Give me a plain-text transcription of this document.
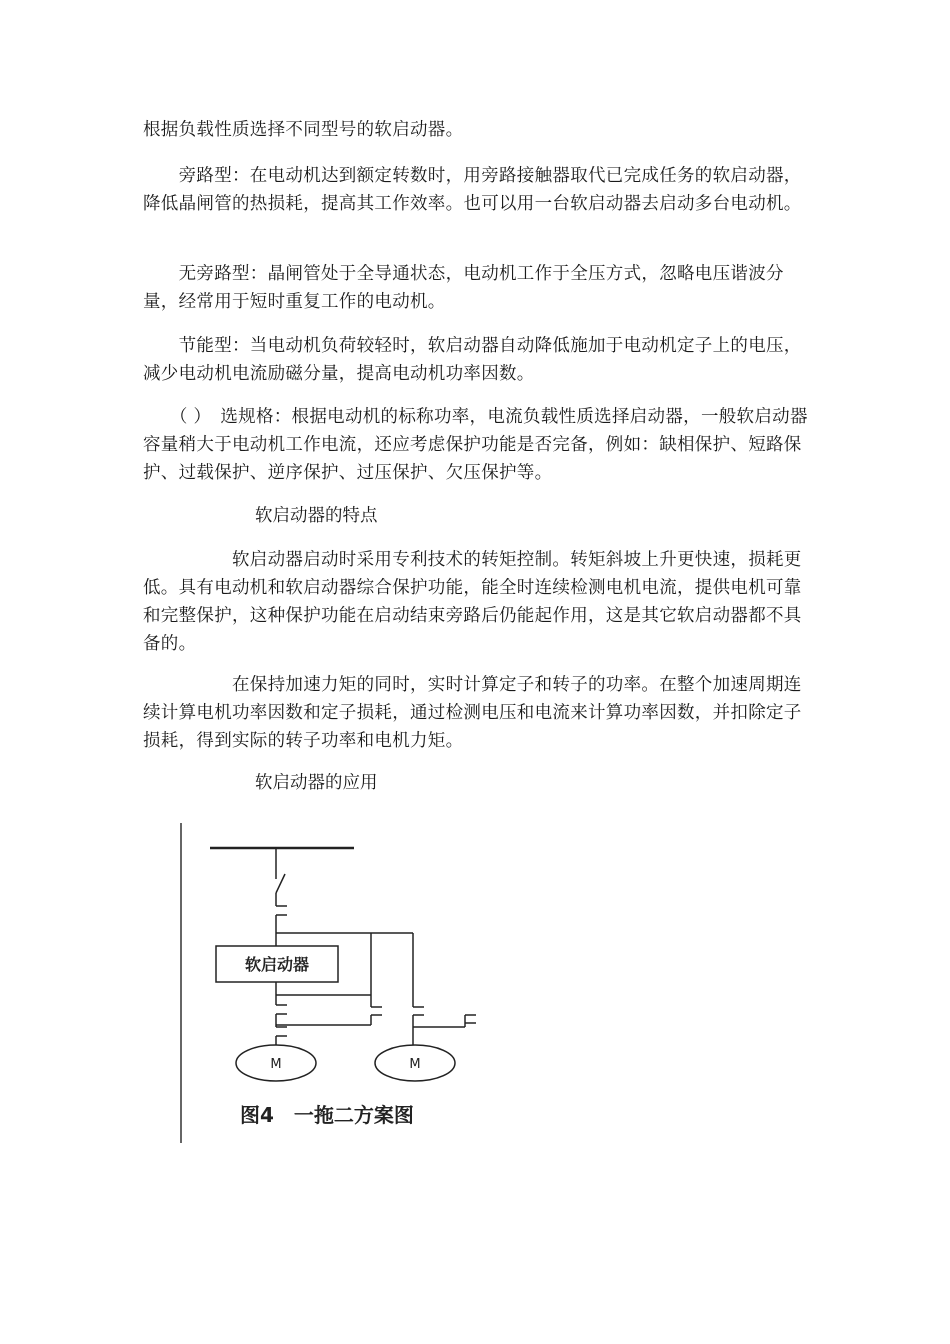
根据负载性质选择不同型号的软启动器。

　　旁路型：在电动机达到额定转数时，用旁路接触器取代已完成任务的软启动器，降低晶闸管的热损耗，提高其工作效率。也可以用一台软启动器去启动多台电动机。

　　无旁路型：晶闸管处于全导通状态，电动机工作于全压方式，忽略电压谐波分量，经常用于短时重复工作的电动机。

　　节能型：当电动机负荷较轻时，软启动器自动降低施加于电动机定子上的电压，减少电动机电流励磁分量，提高电动机功率因数。

　　（ ）　选规格：根据电动机的标称功率，电流负载性质选择启动器，一般软启动器容量稍大于电动机工作电流，还应考虑保护功能是否完备，例如：缺相保护、短路保护、过载保护、逆序保护、过压保护、欠压保护等。

软启动器的特点

　　　　　软启动器启动时采用专利技术的转矩控制。转矩斜坡上升更快速，损耗更低。具有电动机和软启动器综合保护功能，能全时连续检测电机电流，提供电机可靠和完整保护，这种保护功能在启动结束旁路后仍能起作用，这是其它软启动器都不具备的。

　　　　　在保持加速力矩的同时，实时计算定子和转子的功率。在整个加速周期连续计算电机功率因数和定子损耗，通过检测电压和电流来计算功率因数，并扣除定子损耗，得到实际的转子功率和电机力矩。

软启动器的应用

软启动器
M	M
图4　一拖二方案图
